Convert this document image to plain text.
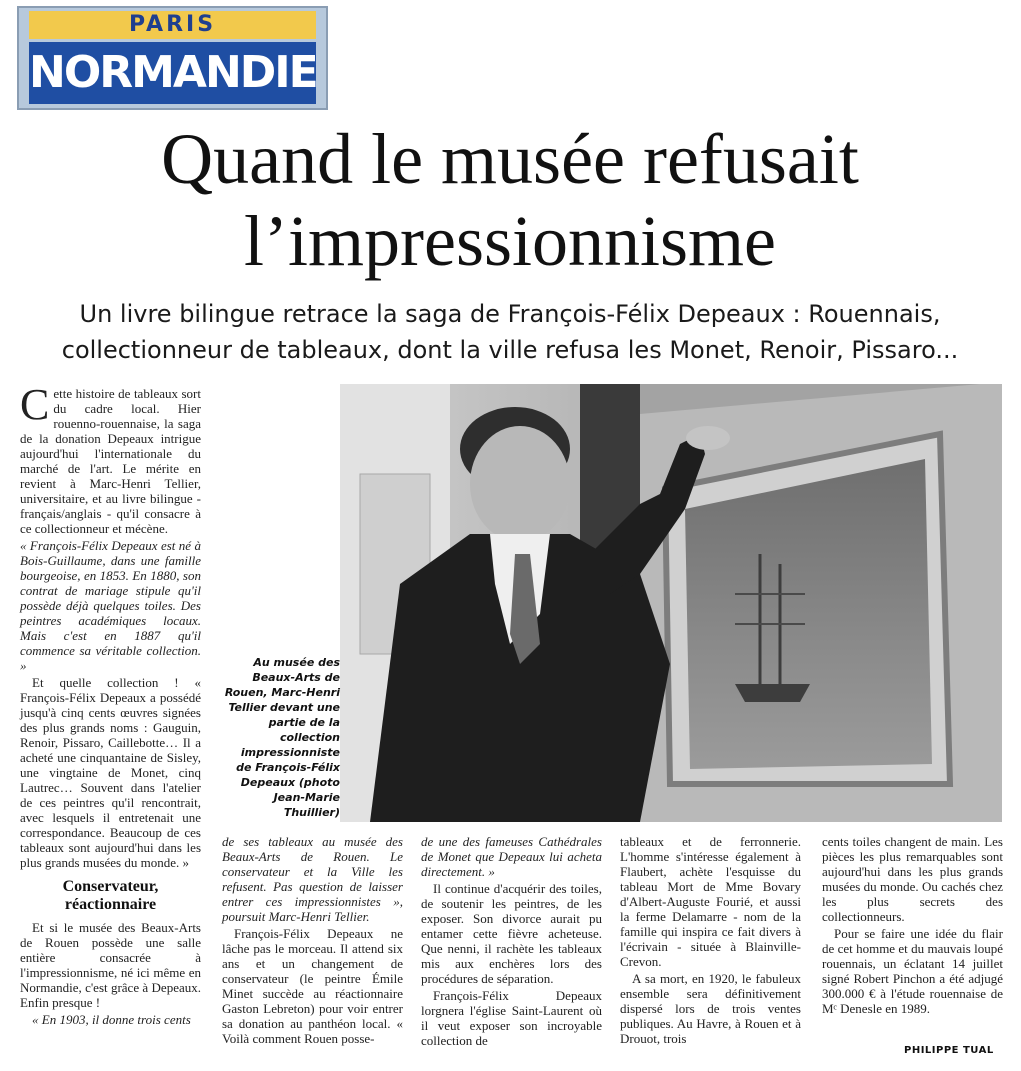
PARIS
NORMANDIE
Quand le musée refusait
l’impressionnisme
Un livre bilingue retrace la saga de François-Félix Depeaux : Rouennais, collectionneur de tableaux, dont la ville refusa les Monet, Renoir, Pissaro...

Cette histoire de tableaux sort du cadre local. Hier rouenno-rouennaise, la saga de la donation Depeaux intrigue aujourd'hui l'internationale du marché de l'art. Le mérite en revient à Marc-Henri Tellier, universitaire, et au livre bilingue - français/anglais - qu'il consacre à ce collectionneur et mécène.

« François-Félix Depeaux est né à Bois-Guillaume, dans une famille bourgeoise, en 1853. En 1880, son contrat de mariage stipule qu'il possède déjà quelques toiles. Des peintres académiques locaux. Mais c'est en 1887 qu'il commence sa véritable collection. »

Et quelle collection ! « François-Félix Depeaux a possédé jusqu'à cinq cents œuvres signées des plus grands noms : Gauguin, Renoir, Pissaro, Caillebotte… Il a acheté une cinquantaine de Sisley, une vingtaine de Monet, cinq Lautrec… Souvent dans l'atelier de ces peintres qu'il rencontrait, avec lesquels il entretenait une correspondance. Beaucoup de ces tableaux sont aujourd'hui dans les plus grands musées du monde. »

Conservateur, réactionnaire

Et si le musée des Beaux-Arts de Rouen possède une salle entière consacrée à l'impressionnisme, né ici même en Normandie, c'est grâce à Depeaux. Enfin presque !

« En 1903, il donne trois cents

Au musée des Beaux-Arts de Rouen, Marc-Henri Tellier devant une partie de la collection impressionniste de François-Félix Depeaux (photo Jean-Marie Thuillier)

de ses tableaux au musée des Beaux-Arts de Rouen. Le conservateur et la Ville les refusent. Pas question de laisser entrer ces impressionnistes », poursuit Marc-Henri Tellier.

François-Félix Depeaux ne lâche pas le morceau. Il attend six ans et un changement de conservateur (le peintre Émile Minet succède au réactionnaire Gaston Lebreton) pour voir entrer sa donation au panthéon local. « Voilà comment Rouen posse-

de une des fameuses Cathédrales de Monet que Depeaux lui acheta directement. »

Il continue d'acquérir des toiles, de soutenir les peintres, de les exposer. Son divorce aurait pu entamer cette fièvre acheteuse. Que nenni, il rachète les tableaux mis aux enchères lors des procédures de séparation.

François-Félix Depeaux lorgnera l'église Saint-Laurent où il veut exposer son incroyable collection de

tableaux et de ferronnerie. L'homme s'intéresse également à Flaubert, achète l'esquisse du tableau Mort de Mme Bovary d'Albert-Auguste Fourié, et aussi la ferme Delamarre - nom de la famille qui inspira ce fait divers à l'écrivain - située à Blainville-Crevon.

A sa mort, en 1920, le fabuleux ensemble sera définitivement dispersé lors de trois ventes publiques. Au Havre, à Rouen et à Drouot, trois

cents toiles changent de main. Les pièces les plus remarquables sont aujourd'hui dans les plus grands musées du monde. Ou cachés chez les plus secrets des collectionneurs.

Pour se faire une idée du flair de cet homme et du mauvais loupé rouennais, un éclatant 14 juillet signé Robert Pinchon a été adjugé 300.000 € à l'étude rouennaise de Mᶜ Denesle en 1989.

PHILIPPE TUAL
